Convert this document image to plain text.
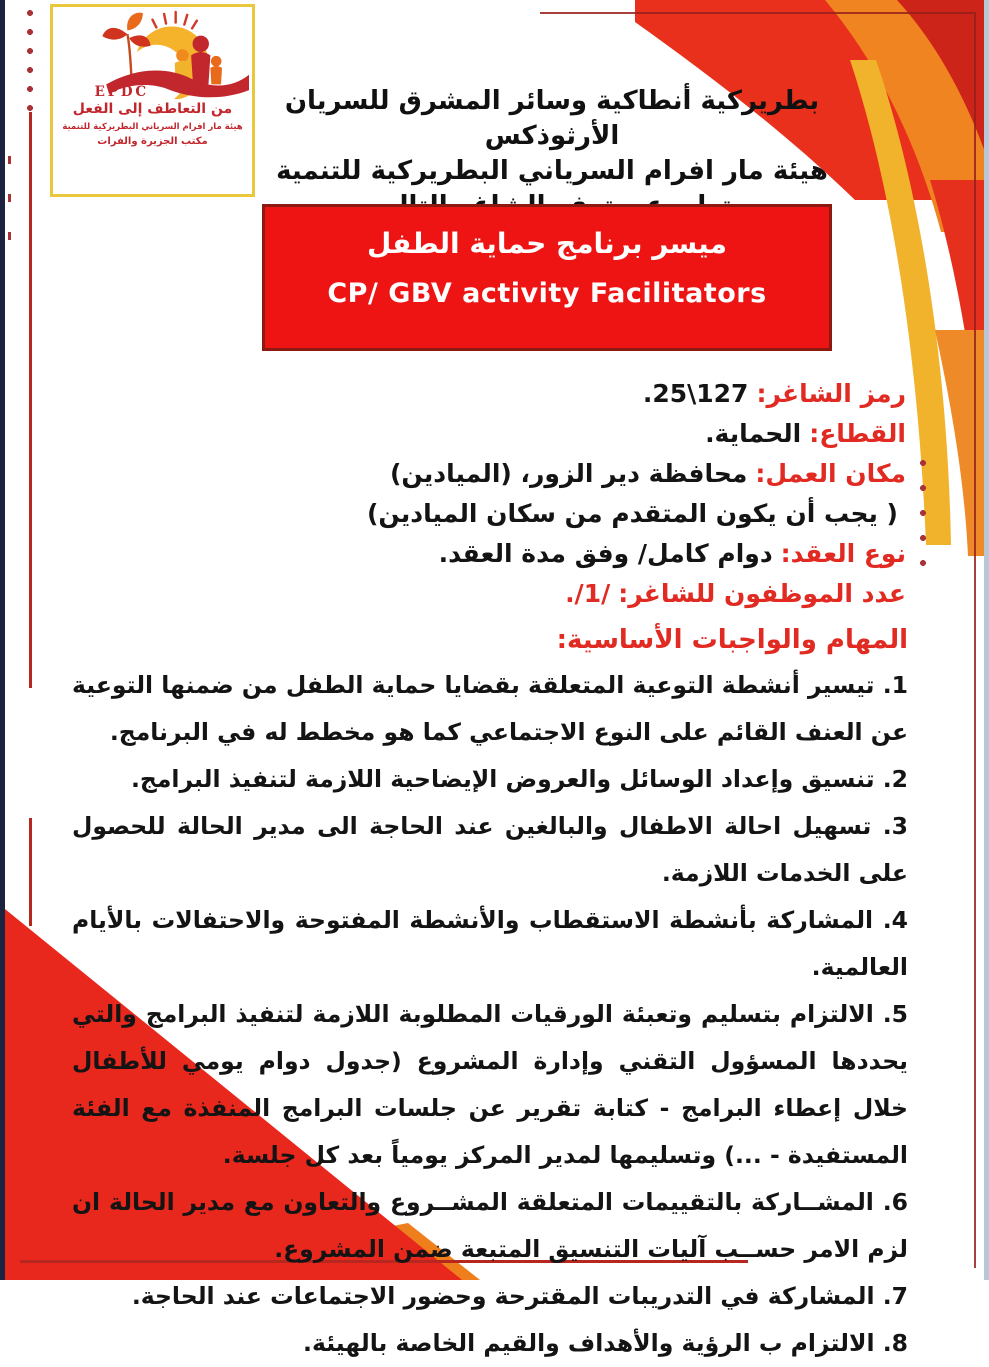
EPDC
من التعاطف إلى الفعل
هيئة مار افرام السرياني البطريركية للتنمية
مكتب الجزيرة والفرات
بطريركية أنطاكية وسائر المشرق للسريان الأرثوذكس
هيئة مار افرام السرياني البطريركية للتنمية
ميسر برنامج حماية الطفل
CP/ GBV activity Facilitators
رمز الشاغر:127\25.
القطاع:الحماية.
مكان العمل:محافظة دير الزور، (الميادين)
( يجب أن يكون المتقدم من سكان الميادين)
نوع العقد:دوام كامل/ وفق مدة العقد.
عدد الموظفون للشاغر:/1/.
المهام والواجبات الأساسية:
1. تيسير أنشطة التوعية المتعلقة بقضايا حماية الطفل من ضمنها التوعية عن العنف القائم على النوع الاجتماعي كما هو مخطط له في البرنامج.
2. تنسيق وإعداد الوسائل والعروض الإيضاحية اللازمة لتنفيذ البرامج.
3. تسهيل احالة الاطفال والبالغين عند الحاجة الى مدير الحالة للحصول على الخدمات اللازمة.
4. المشاركة بأنشطة الاستقطاب والأنشطة المفتوحة والاحتفالات بالأيام العالمية.
5. الالتزام بتسليم وتعبئة الورقيات المطلوبة اللازمة لتنفيذ البرامج والتي يحددها المسؤول التقني وإدارة المشروع (جدول دوام يومي للأطفال خلال إعطاء البرامج - كتابة تقرير عن جلسات البرامج المنفذة مع الفئة المستفيدة - ...) وتسليمها لمدير المركز يومياً بعد كل جلسة.
6. المشــاركة بالتقييمات المتعلقة المشــروع والتعاون مع مدير الحالة ان لزم الامر حســب آليات التنسيق المتبعة ضمن المشروع.
7. المشاركة في التدريبات المقترحة وحضور الاجتماعات عند الحاجة.
8. الالتزام ب الرؤية والأهداف والقيم الخاصة بالهيئة.
